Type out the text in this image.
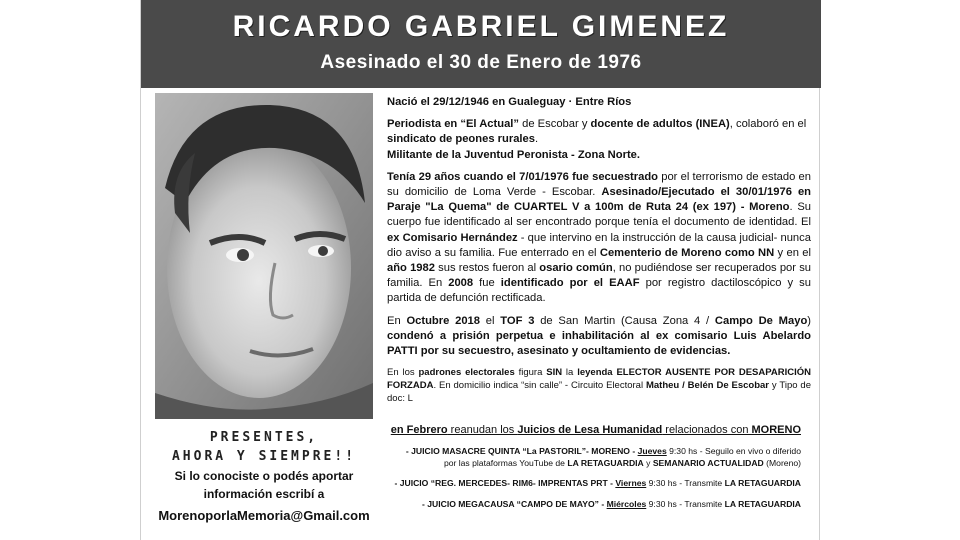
RICARDO GABRIEL GIMENEZ
Asesinado el 30 de Enero de 1976
PRESENTES,
AHORA Y SIEMPRE!!
Si lo conociste o podés aportar
información escribí a
MorenoporlaMemoria@Gmail.com

Nació el 29/12/1946 en Gualeguay · Entre Ríos

Periodista en “El Actual” de Escobar y docente de adultos (INEA), colaboró en el sindicato de peones rurales.

Militante de la Juventud Peronista - Zona Norte.

Tenía 29 años cuando el 7/01/1976 fue secuestrado por el terrorismo de estado en su domicilio de Loma Verde - Escobar. Asesinado/Ejecutado el 30/01/1976 en Paraje "La Quema" de CUARTEL V a 100m de Ruta 24 (ex 197) - Moreno. Su cuerpo fue identificado al ser encontrado porque tenía el documento de identidad. El ex Comisario Hernández - que intervino en la instrucción de la causa judicial- nunca dio aviso a su familia. Fue enterrado en el Cementerio de Moreno como NN y en el año 1982 sus restos fueron al osario común, no pudiéndose ser recuperados por su familia. En 2008 fue identificado por el EAAF por registro dactiloscópico y su partida de defunción rectificada.

En Octubre 2018 el TOF 3 de San Martin (Causa Zona 4 / Campo De Mayo) condenó a prisión perpetua e inhabilitación al ex comisario Luis Abelardo PATTI por su secuestro, asesinato y ocultamiento de evidencias.

En los padrones electorales figura SIN la leyenda ELECTOR AUSENTE POR DESAPARICIÓN FORZADA. En domicilio indica “sin calle” - Circuito Electoral Matheu / Belén De Escobar y Tipo de doc: L

en Febrero reanudan los Juicios de Lesa Humanidad relacionados con MORENO
- JUICIO MASACRE QUINTA “La PASTORIL”- MORENO - Jueves 9:30 hs - Seguilo en vivo o diferido
por las plataformas YouTube de LA RETAGUARDIA y SEMANARIO ACTUALIDAD (Moreno)
- JUICIO “REG. MERCEDES- RIM6- IMPRENTAS PRT - Viernes 9:30 hs - Transmite LA RETAGUARDIA
- JUICIO MEGACAUSA “CAMPO DE MAYO” - Miércoles 9:30 hs - Transmite LA RETAGUARDIA
